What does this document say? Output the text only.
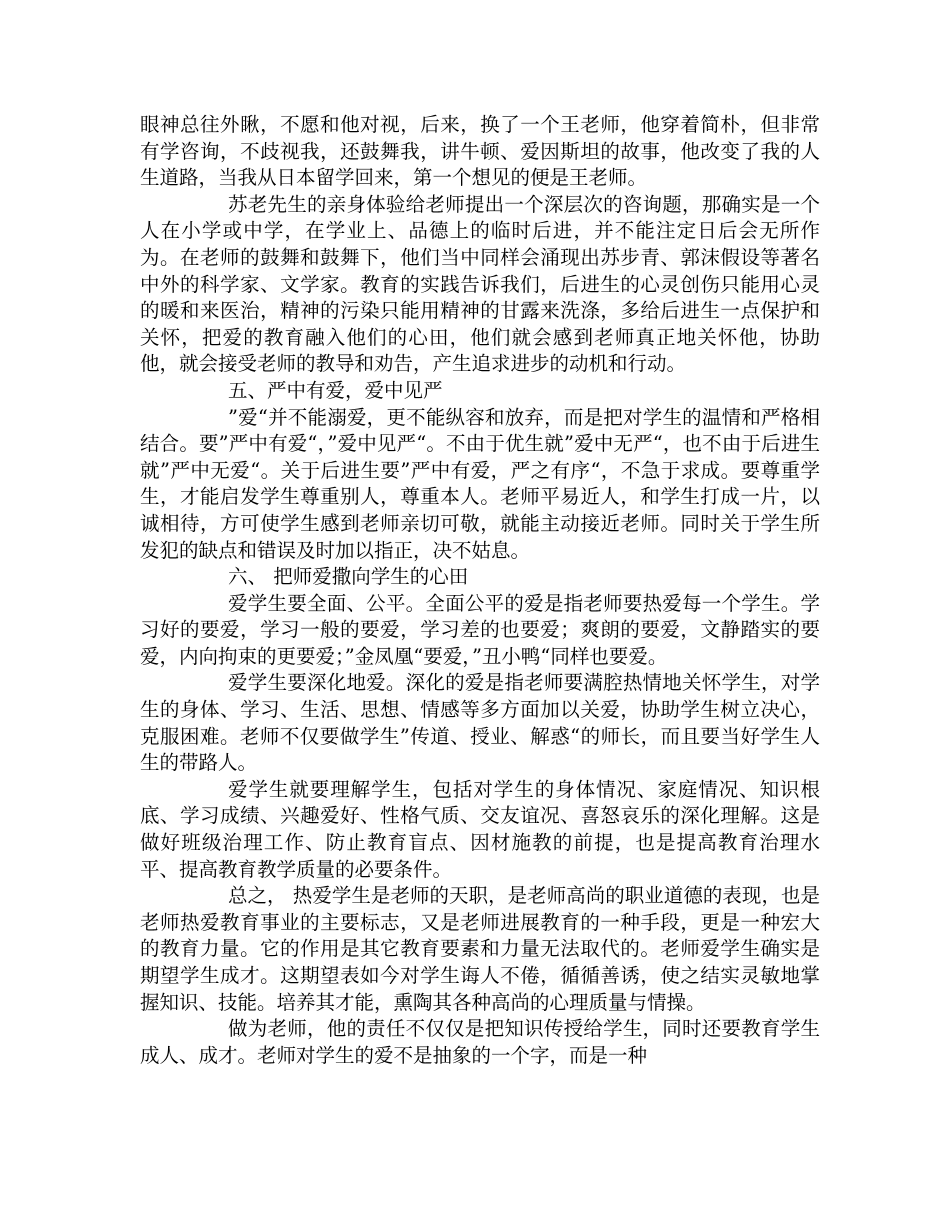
眼神总往外瞅，不愿和他对视，后来，换了一个王老师，他穿着简朴，但非常有学咨询，不歧视我，还鼓舞我，讲牛顿、爱因斯坦的故事，他改变了我的人生道路，当我从日本留学回来，第一个想见的便是王老师。

苏老先生的亲身体验给老师提出一个深层次的咨询题，那确实是一个人在小学或中学，在学业上、品德上的临时后进，并不能注定日后会无所作为。在老师的鼓舞和鼓舞下，他们当中同样会涌现出苏步青、郭沫假设等著名中外的科学家、文学家。教育的实践告诉我们，后进生的心灵创伤只能用心灵的暖和来医治，精神的污染只能用精神的甘露来洗涤，多给后进生一点保护和关怀，把爱的教育融入他们的心田，他们就会感到老师真正地关怀他，协助他，就会接受老师的教导和劝告，产生追求进步的动机和行动。

五、严中有爱，爱中见严

”爱“并不能溺爱，更不能纵容和放弃，而是把对学生的温情和严格相结合。要”严中有爱“，”爱中见严“。不由于优生就”爱中无严“，也不由于后进生就”严中无爱“。关于后进生要”严中有爱，严之有序“，不急于求成。要尊重学生，才能启发学生尊重别人，尊重本人。老师平易近人，和学生打成一片，以诚相待，方可使学生感到老师亲切可敬，就能主动接近老师。同时关于学生所发犯的缺点和错误及时加以指正，决不姑息。

六、 把师爱撒向学生的心田

爱学生要全面、公平。全面公平的爱是指老师要热爱每一个学生。学习好的要爱，学习一般的要爱，学习差的也要爱；爽朗的要爱，文静踏实的要爱，内向拘束的更要爱；”金凤凰“要爱，”丑小鸭“同样也要爱。

爱学生要深化地爱。深化的爱是指老师要满腔热情地关怀学生，对学生的身体、学习、生活、思想、情感等多方面加以关爱，协助学生树立决心，克服困难。老师不仅要做学生”传道、授业、解惑“的师长，而且要当好学生人生的带路人。

爱学生就要理解学生，包括对学生的身体情况、家庭情况、知识根底、学习成绩、兴趣爱好、性格气质、交友谊况、喜怒哀乐的深化理解。这是做好班级治理工作、防止教育盲点、因材施教的前提，也是提高教育治理水平、提高教育教学质量的必要条件。

总之， 热爱学生是老师的天职，是老师高尚的职业道德的表现，也是老师热爱教育事业的主要标志，又是老师进展教育的一种手段，更是一种宏大的教育力量。它的作用是其它教育要素和力量无法取代的。老师爱学生确实是期望学生成才。这期望表如今对学生诲人不倦，循循善诱，使之结实灵敏地掌握知识、技能。培养其才能，熏陶其各种高尚的心理质量与情操。

做为老师，他的责任不仅仅是把知识传授给学生，同时还要教育学生成人、成才。老师对学生的爱不是抽象的一个字，而是一种
